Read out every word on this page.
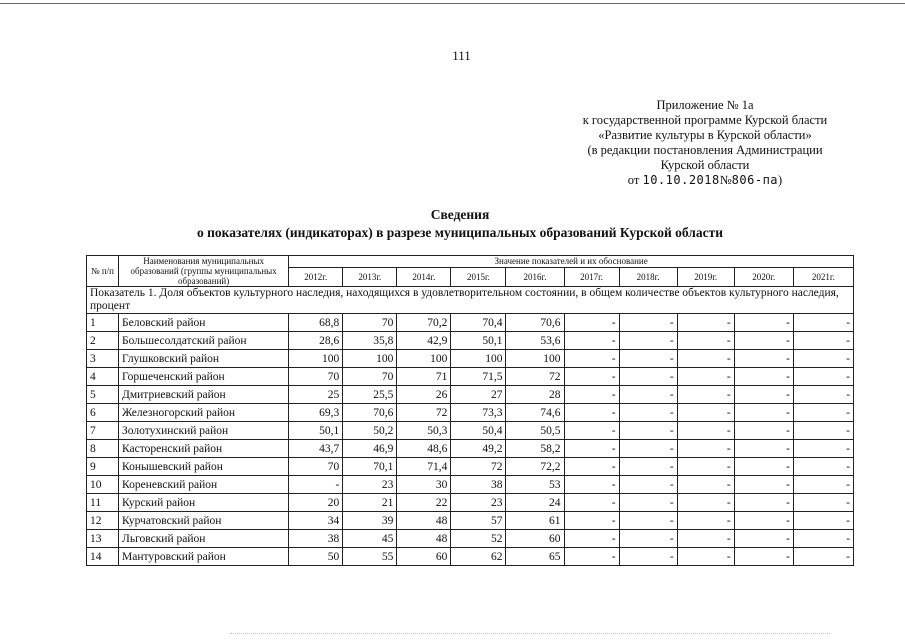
111
Приложение № 1а
к государственной программе Курской бласти
«Развитие культуры в Курской области»
(в редакции постановления Администрации
Курской области
от 10.10.2018№806-па)
Сведения
о показателях (индикаторах) в разрезе муниципальных образований Курской области
№ п/п	Наименования муниципальных образований (группы муниципальных образований)	Значение показателей и их обоснование									
		2012г.	2013г.	2014г.	2015г.	2016г.	2017г.	2018г.	2019г.	2020г.	2021г.
Показатель 1. Доля объектов культурного наследия, находящихся в удовлетворительном состоянии, в общем количестве объектов культурного наследия, процент											
1	Беловский район	68,8	70	70,2	70,4	70,6	-	-	-	-	-
2	Большесолдатский район	28,6	35,8	42,9	50,1	53,6	-	-	-	-	-
3	Глушковский район	100	100	100	100	100	-	-	-	-	-
4	Горшеченский район	70	70	71	71,5	72	-	-	-	-	-
5	Дмитриевский район	25	25,5	26	27	28	-	-	-	-	-
6	Железногорский район	69,3	70,6	72	73,3	74,6	-	-	-	-	-
7	Золотухинский район	50,1	50,2	50,3	50,4	50,5	-	-	-	-	-
8	Касторенский район	43,7	46,9	48,6	49,2	58,2	-	-	-	-	-
9	Конышевский район	70	70,1	71,4	72	72,2	-	-	-	-	-
10	Кореневский район	-	23	30	38	53	-	-	-	-	-
11	Курский район	20	21	22	23	24	-	-	-	-	-
12	Курчатовский район	34	39	48	57	61	-	-	-	-	-
13	Льговский район	38	45	48	52	60	-	-	-	-	-
14	Мантуровский район	50	55	60	62	65	-	-	-	-	-
